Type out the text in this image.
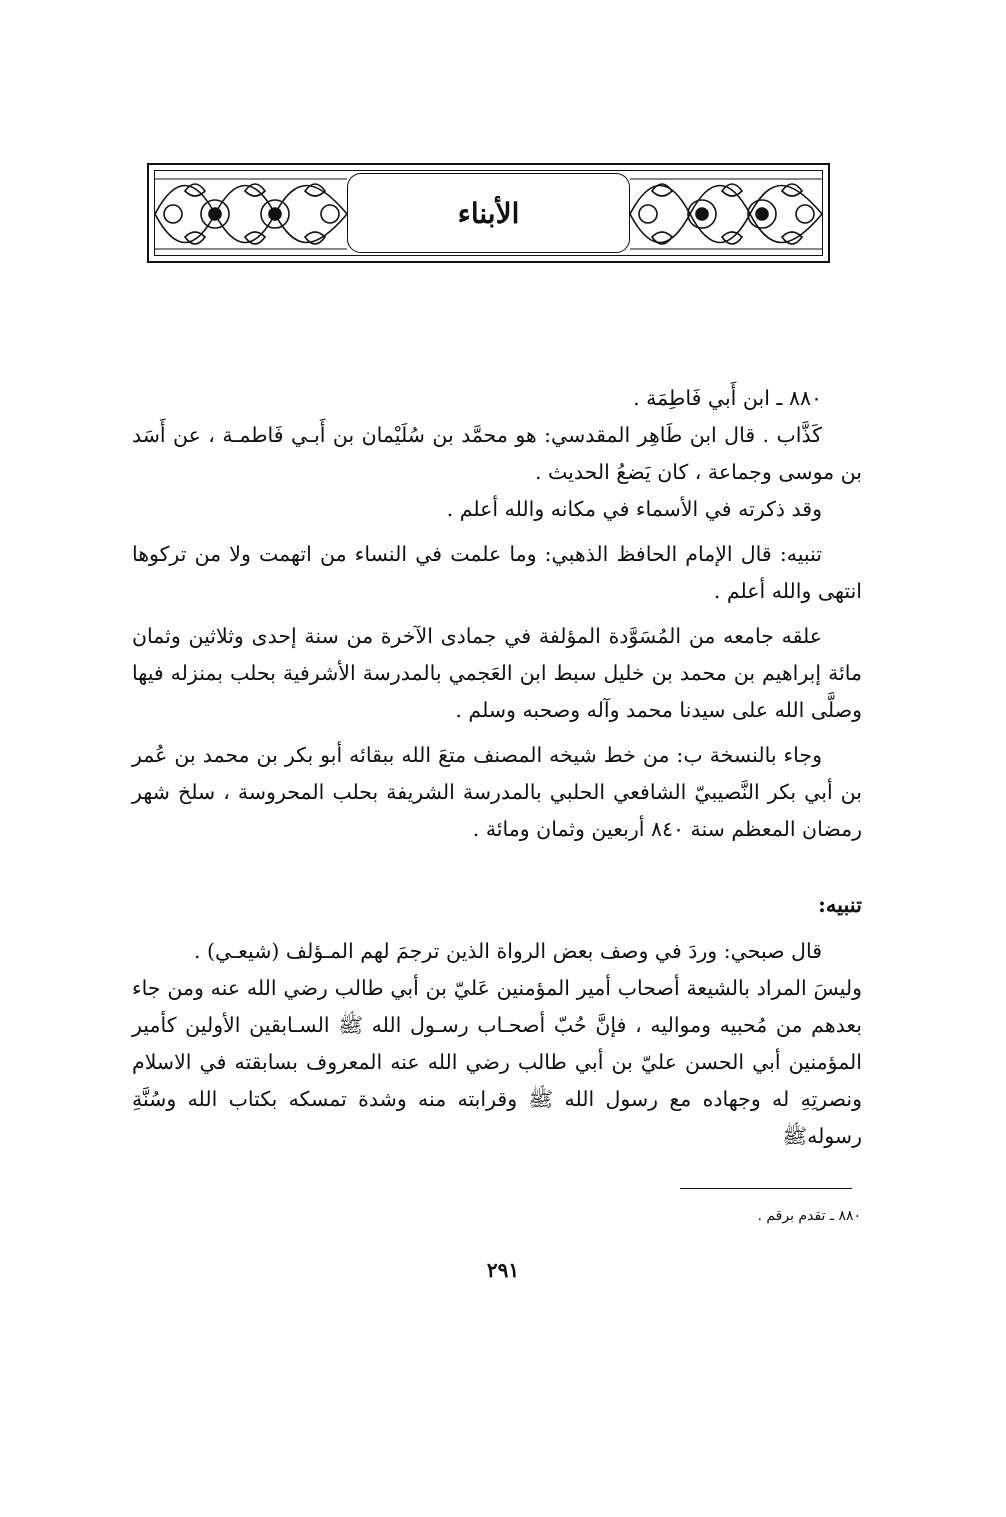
الأبناء

٨٨٠ ـ ابن أَبي فَاطِمَة .

كَذَّاب . قال ابن طَاهِر المقدسي: هو محمَّد بن سُلَيْمان بن أَبـي فَاطمـة ، عن أَسَد بن موسى وجماعة ، كان يَضعُ الحديث .

وقد ذكرته في الأسماء في مكانه والله أعلم .

تنبيه: قال الإمام الحافظ الذهبي: وما علمت في النساء من اتهمت ولا من تركوها انتهى والله أعلم .

علقه جامعه من المُسَوَّدة المؤلفة في جمادى الآخرة من سنة إحدى وثلاثين وثمان مائة إبراهيم بن محمد بن خليل سبط ابن العَجمي بالمدرسة الأشرفية بحلب بمنزله فيها وصلَّى الله على سيدنا محمد وآله وصحبه وسلم .

وجاء بالنسخة ب: من خط شيخه المصنف متعَ الله ببقائه أبو بكر بن محمد بن عُمر بن أبي بكر النَّصيبيّ الشافعي الحلبي بالمدرسة الشريفة بحلب المحروسة ، سلخ شهر رمضان المعظم سنة ٨٤٠ أربعين وثمان ومائة .

تنبيه:

قال صبحي: وردَ في وصف بعض الرواة الذين ترجمَ لهم المـؤلف (شيعـي) .

وليسَ المراد بالشيعة أصحاب أمير المؤمنين عَليّ بن أبي طالب رضي الله عنه ومن جاء بعدهم من مُحبيه ومواليه ، فإنَّ حُبّ أصحـاب رسـول الله ﷺ السـابقين الأولين كأمير المؤمنين أبي الحسن عليّ بن أبي طالب رضي الله عنه المعروف بسابقته في الاسلام ونصرتِهِ له وجهاده مع رسول الله ﷺ وقرابته منه وشدة تمسكه بكتاب الله وسُنَّةِ رسولهﷺ

٨٨٠ ـ تقدم برقم .
٢٩١
